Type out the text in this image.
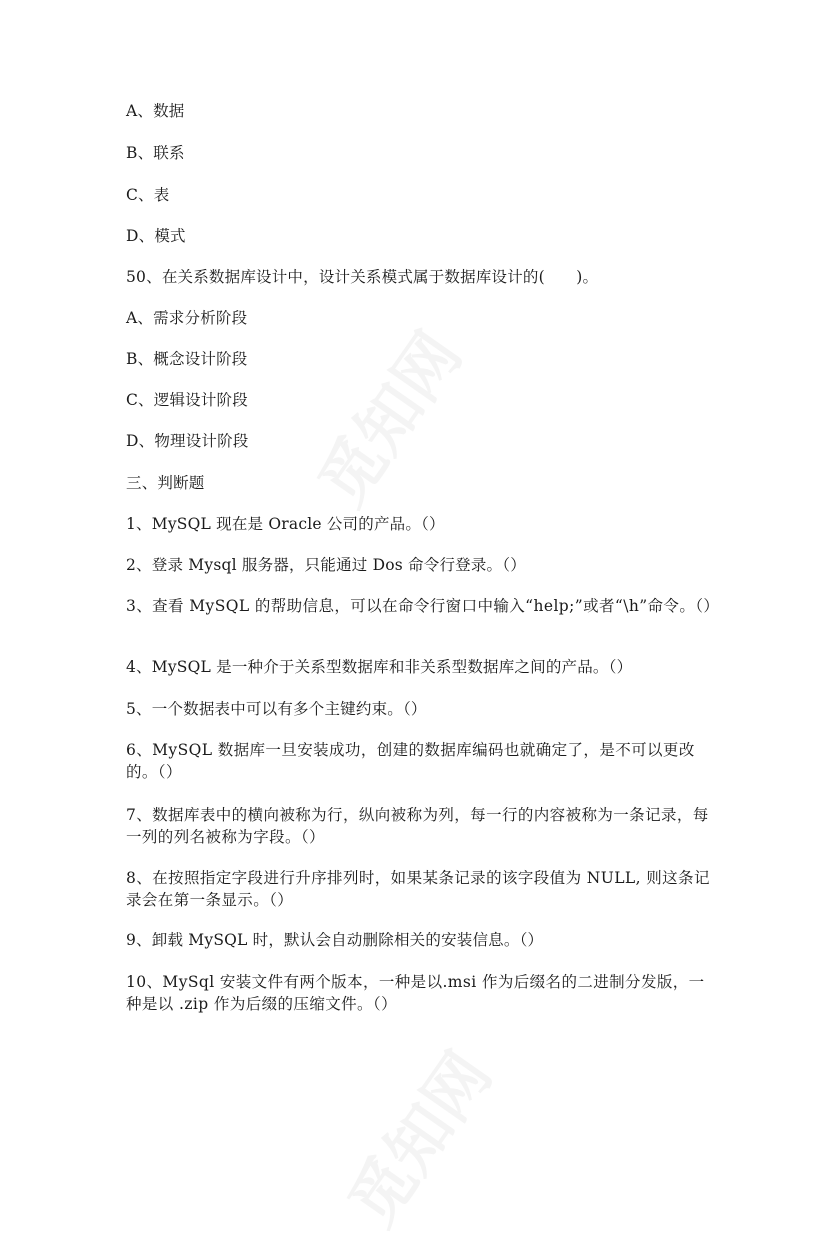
A、数据
B、联系
C、表
D、模式
50、在关系数据库设计中，设计关系模式属于数据库设计的(　　)。
A、需求分析阶段
B、概念设计阶段
C、逻辑设计阶段
D、物理设计阶段
三、判断题
1、MySQL 现在是 Oracle 公司的产品。（）
2、登录 Mysql 服务器，只能通过 Dos 命令行登录。（）
3、查看 MySQL 的帮助信息，可以在命令行窗口中输入“help;”或者“\h”命令。（）
4、MySQL 是一种介于关系型数据库和非关系型数据库之间的产品。（）
5、一个数据表中可以有多个主键约束。（）
6、MySQL 数据库一旦安装成功，创建的数据库编码也就确定了，是不可以更改的。（）
7、数据库表中的横向被称为行，纵向被称为列，每一行的内容被称为一条记录，每一列的列名被称为字段。（）
8、在按照指定字段进行升序排列时，如果某条记录的该字段值为 NULL, 则这条记录会在第一条显示。（）
9、卸载 MySQL 时，默认会自动删除相关的安装信息。（）
10、MySql 安装文件有两个版本，一种是以.msi 作为后缀名的二进制分发版，一种是以 .zip 作为后缀的压缩文件。（）
